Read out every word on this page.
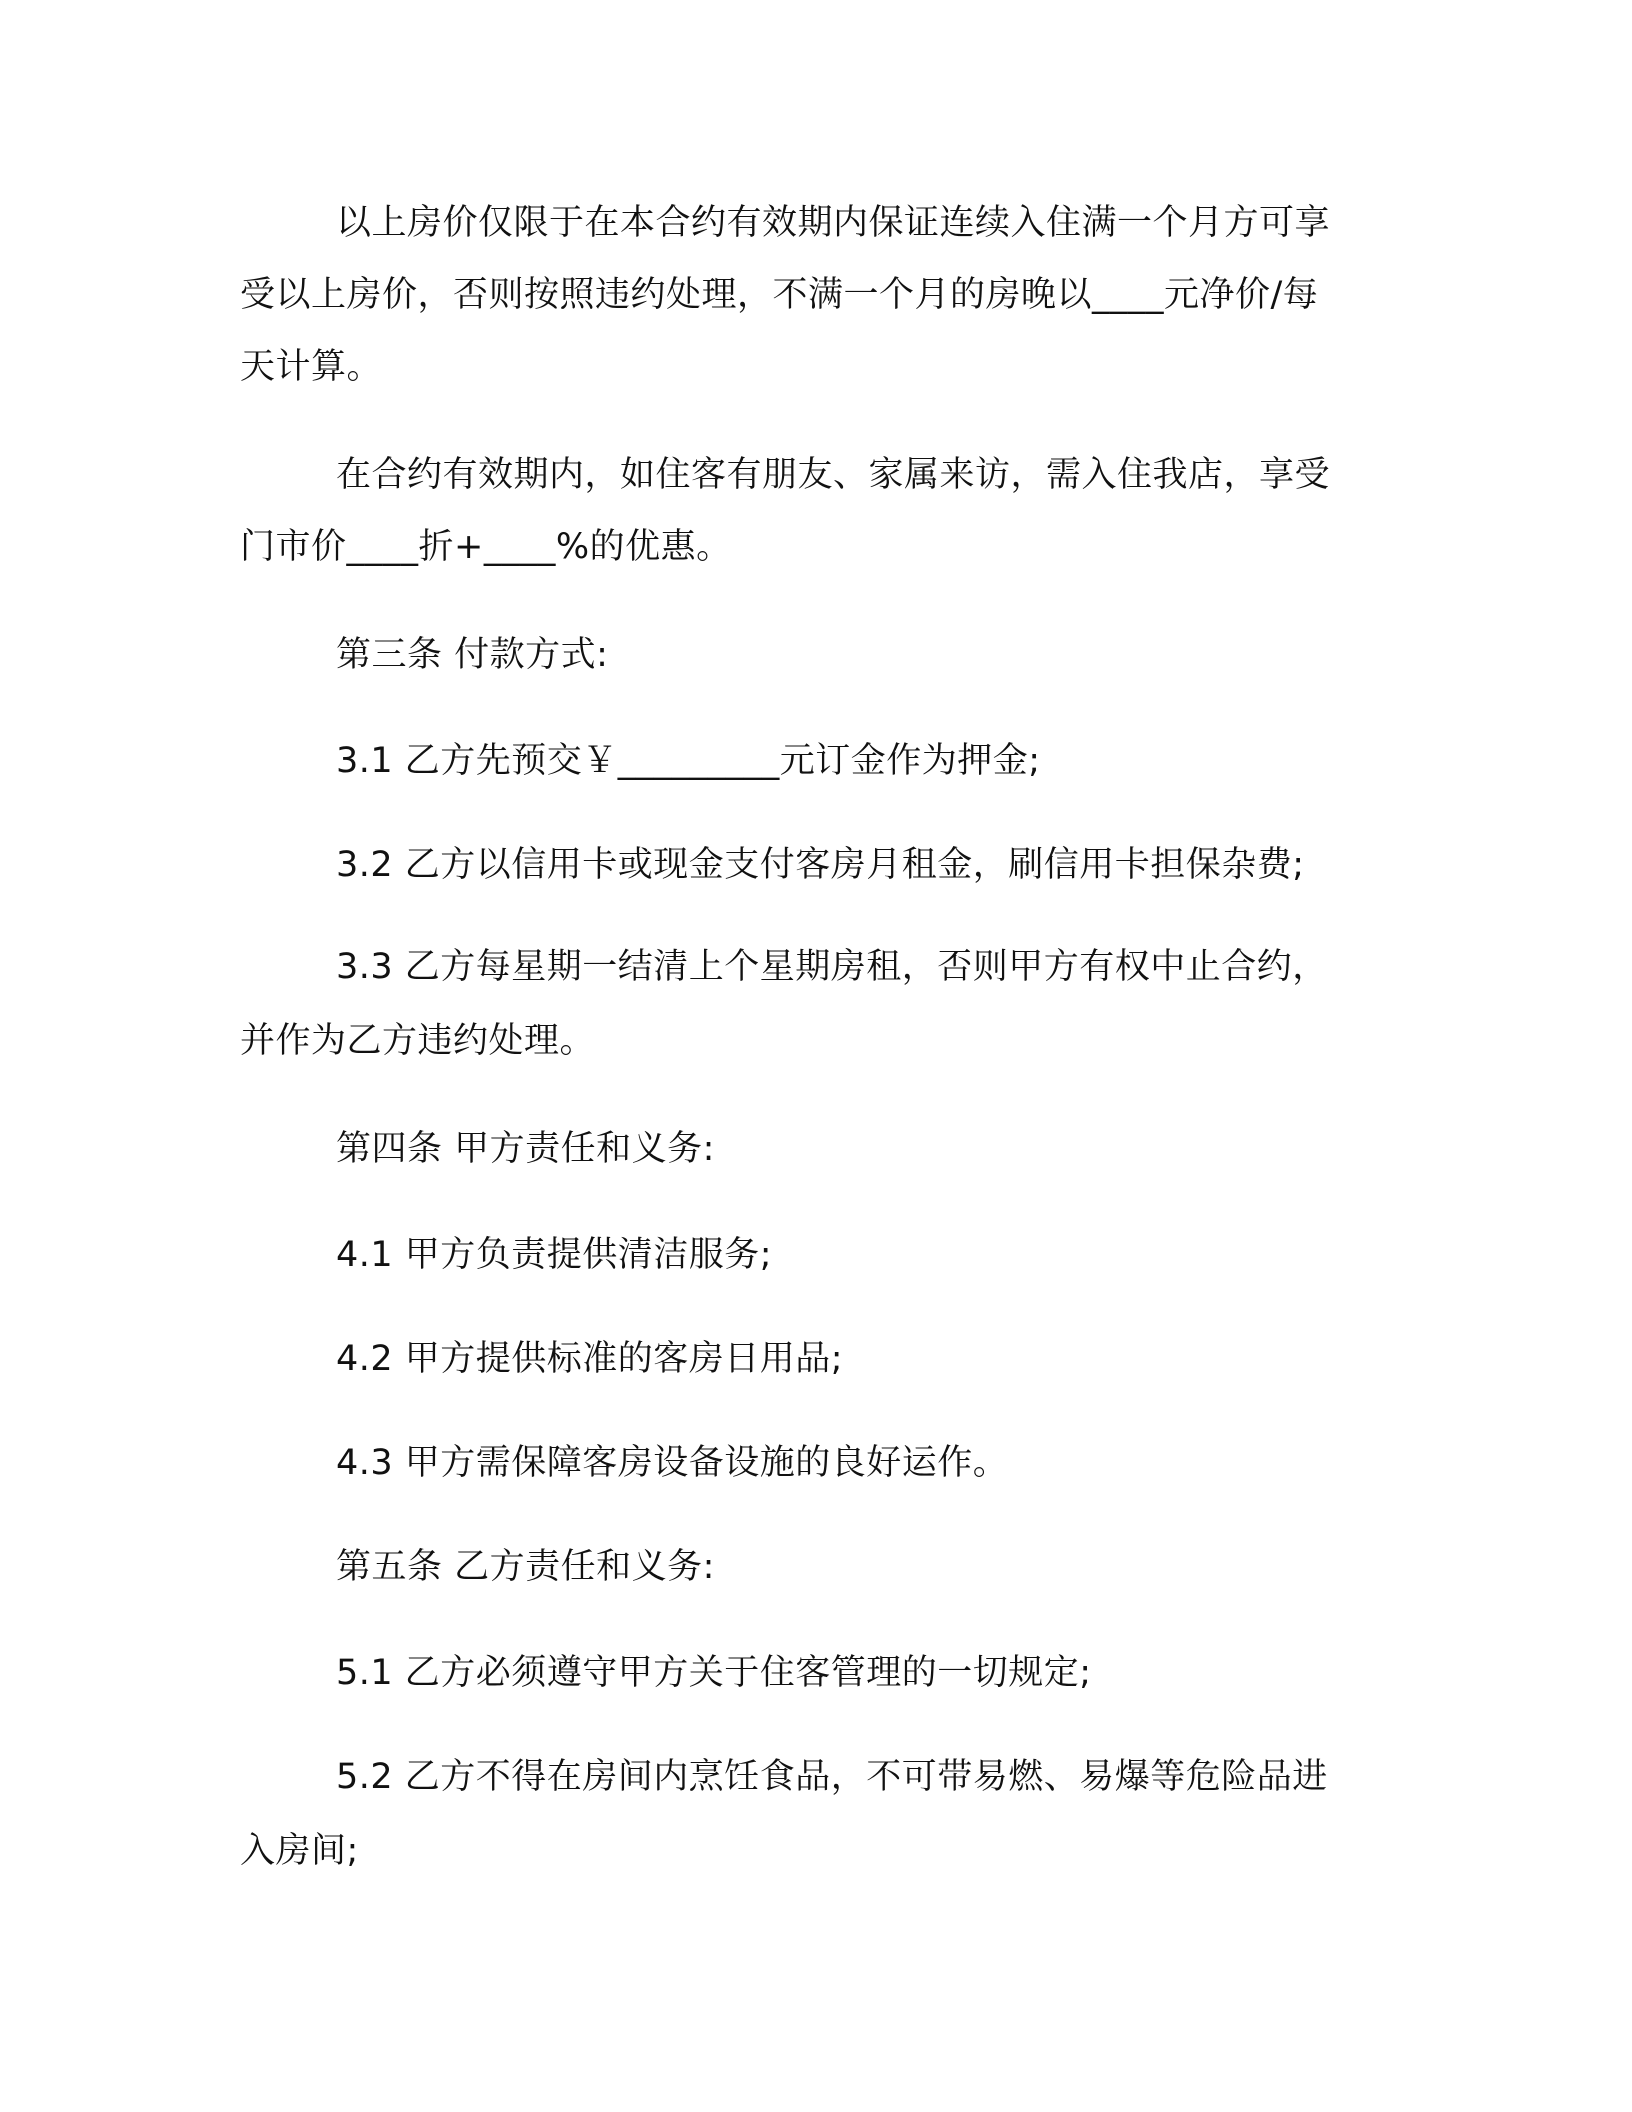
以上房价仅限于在本合约有效期内保证连续入住满一个月方可享
受以上房价，否则按照违约处理，不满一个月的房晚以____元净价/每
天计算。
在合约有效期内，如住客有朋友、家属来访，需入住我店，享受
门市价____折+____%的优惠。
第三条 付款方式:
3.1 乙方先预交￥_________元订金作为押金;
3.2 乙方以信用卡或现金支付客房月租金，刷信用卡担保杂费;
3.3 乙方每星期一结清上个星期房租，否则甲方有权中止合约，
并作为乙方违约处理。
第四条 甲方责任和义务:
4.1 甲方负责提供清洁服务;
4.2 甲方提供标准的客房日用品;
4.3 甲方需保障客房设备设施的良好运作。
第五条 乙方责任和义务:
5.1 乙方必须遵守甲方关于住客管理的一切规定;
5.2 乙方不得在房间内烹饪食品，不可带易燃、易爆等危险品进
入房间;
